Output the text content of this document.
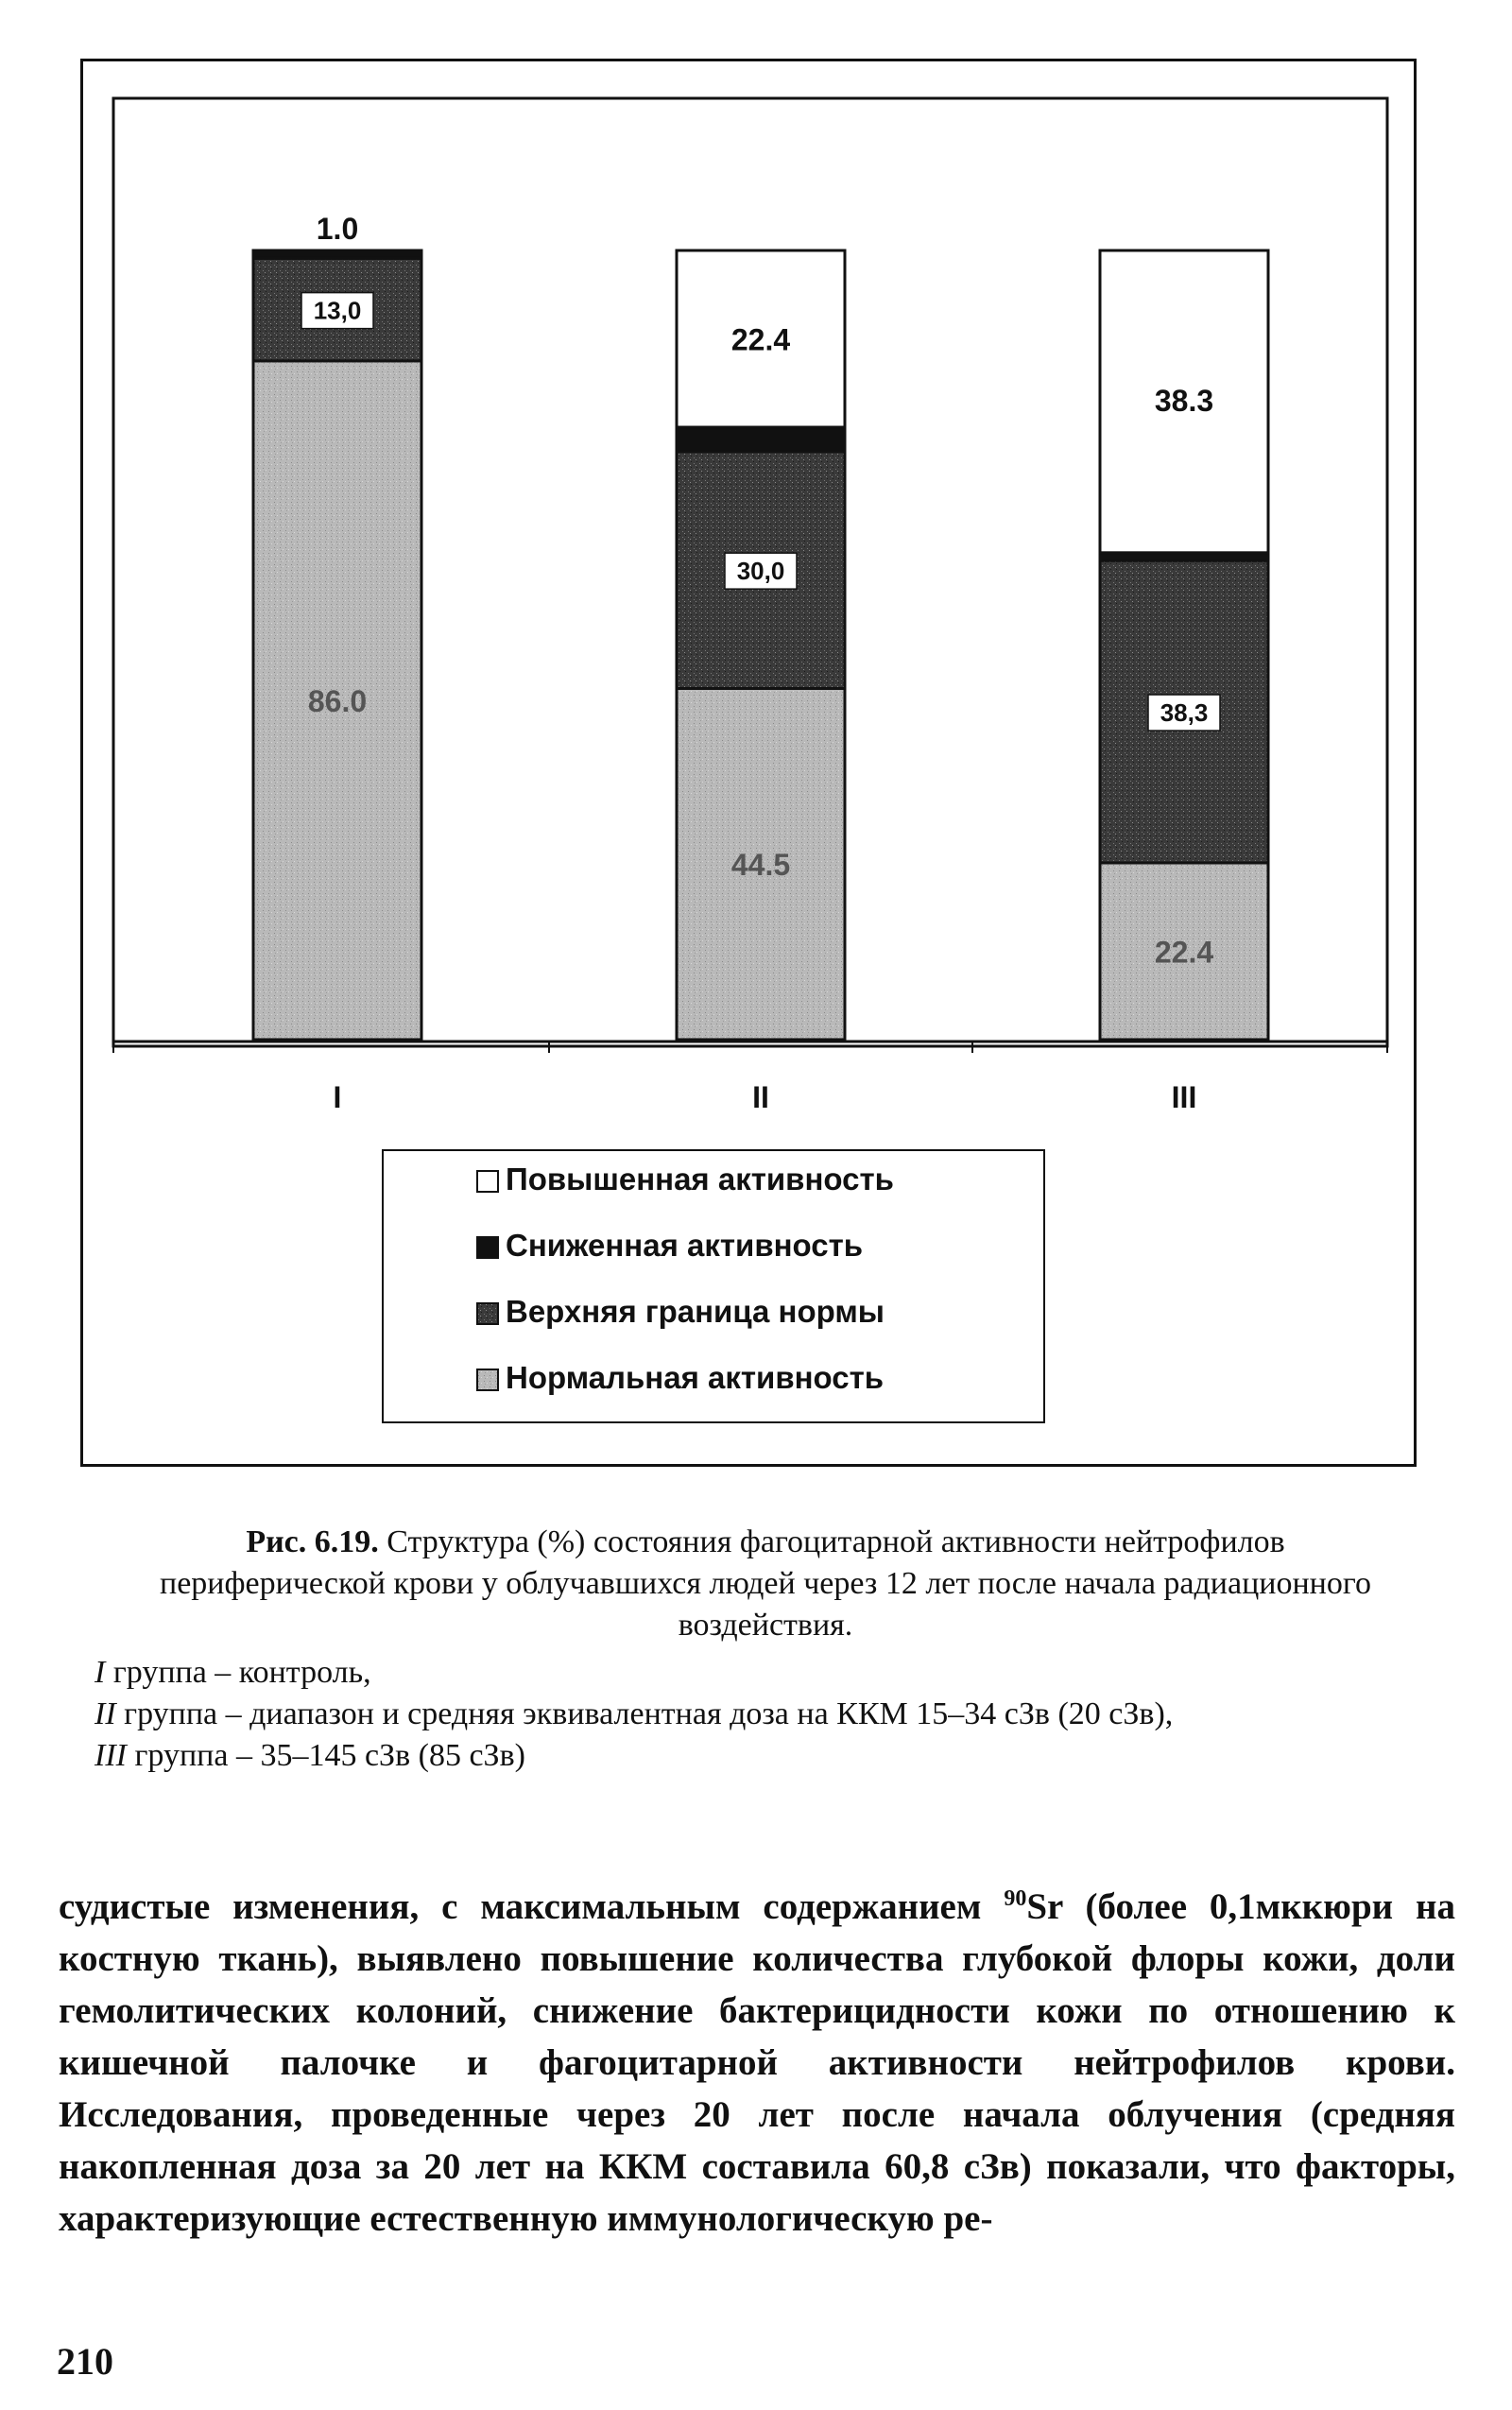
86.0
13,0
1.0
44.5
30,0
22.4
22.4
38,3
38.3
I	II	III
Повышенная активность
Сниженная активность
Верхняя граница нормы
Нормальная активность
Рис. 6.19. Структура (%) состояния фагоцитарной активности нейтрофилов периферической крови у облучавшихся людей через 12 лет после начала радиационного воздействия.
I группа – контроль,
II группа – диапазон и средняя эквивалентная доза на ККМ 15–34 сЗв (20 сЗв),
III группа – 35–145 сЗв (85 сЗв)

судистые изменения, с максимальным содержанием $^{90}$Sr (более 0,1мккюри на костную ткань), выявлено повышение количества глубокой флоры кожи, доли гемолитических колоний, снижение бактерицидности кожи по отношению к кишечной палочке и фагоцитарной активности нейтрофилов крови. Исследования, проведенные через 20 лет после начала облучения (средняя накопленная доза за 20 лет на ККМ составила 60,8 сЗв) показали, что факторы, характеризующие естественную иммунологическую ре-

210
